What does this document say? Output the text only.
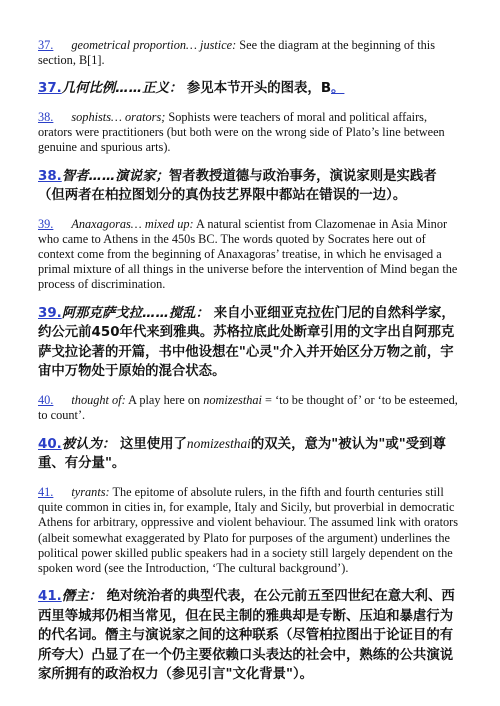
37. geometrical proportion… justice: See the diagram at the beginning of this section, B[1].

37.几何比例……正义： 参见本节开头的图表，B。

38. sophists… orators; Sophists were teachers of moral and political affairs, orators were practitioners (but both were on the wrong side of Plato’s line between genuine and spurious arts).

38.智者……演说家；智者教授道德与政治事务，演说家则是实践者（但两者在柏拉图划分的真伪技艺界限中都站在错误的一边）。

39. Anaxagoras… mixed up: A natural scientist from Clazomenae in Asia Minor who came to Athens in the 450s BC. The words quoted by Socrates here out of context come from the beginning of Anaxagoras’ treatise, in which he envisaged a primal mixture of all things in the universe before the intervention of Mind began the process of discrimination.

39.阿那克萨戈拉……搅乱： 来自小亚细亚克拉佐门尼的自然科学家，约公元前450年代来到雅典。苏格拉底此处断章引用的文字出自阿那克萨戈拉论著的开篇，书中他设想在"心灵"介入并开始区分万物之前，宇宙中万物处于原始的混合状态。

40. thought of: A play here on nomizesthai = ‘to be thought of’ or ‘to be esteemed, to count’.

40.被认为： 这里使用了nomizesthai的双关，意为"被认为"或"受到尊重、有分量"。

41. tyrants: The epitome of absolute rulers, in the fifth and fourth centuries still quite common in cities in, for example, Italy and Sicily, but proverbial in democratic Athens for arbitrary, oppressive and violent behaviour. The assumed link with orators (albeit somewhat exaggerated by Plato for purposes of the argument) underlines the political power skilled public speakers had in a society still largely dependent on the spoken word (see the Introduction, ‘The cultural background’).

41.僭主： 绝对统治者的典型代表，在公元前五至四世纪在意大利、西西里等城邦仍相当常见，但在民主制的雅典却是专断、压迫和暴虐行为的代名词。僭主与演说家之间的这种联系（尽管柏拉图出于论证目的有所夸大）凸显了在一个仍主要依赖口头表达的社会中，熟练的公共演说家所拥有的政治权力（参见引言"文化背景"）。
